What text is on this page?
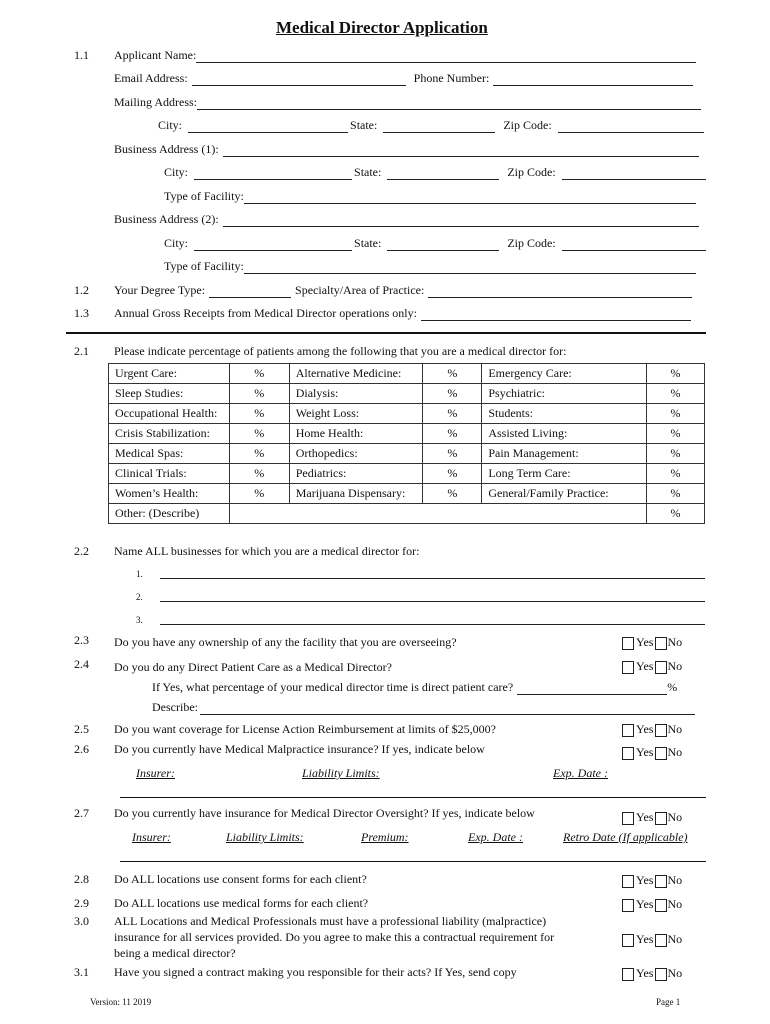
Medical Director Application
1.1 Applicant Name:
Email Address:	Phone Number:
Mailing Address:
City:	State:	Zip Code:
Business Address (1):
City:	State:	Zip Code:
Type of Facility:
Business Address (2):
City:	State:	Zip Code:
Type of Facility:
1.2 Your Degree Type:	Specialty/Area of Practice:
1.3 Annual Gross Receipts from Medical Director operations only:
2.1 Please indicate percentage of patients among the following that you are a medical director for:
Urgent Care:	%	Alternative Medicine:	%	Emergency Care:	%
Sleep Studies:	%	Dialysis:	%	Psychiatric:	%
Occupational Health:	%	Weight Loss:	%	Students:	%
Crisis Stabilization:	%	Home Health:	%	Assisted Living:	%
Medical Spas:	%	Orthopedics:	%	Pain Management:	%
Clinical Trials:	%	Pediatrics:	%	Long Term Care:	%
Women’s Health:	%	Marijuana Dispensary:	%	General/Family Practice:	%
Other: (Describe)					%
2.2 Name ALL businesses for which you are a medical director for:
1.
2.
3.
2.3 Do you have any ownership of any the facility that you are overseeing?	Yes No
2.4 Do you do any Direct Patient Care as a Medical Director?	Yes No
If Yes, what percentage of your medical director time is direct patient care?	%
Describe:
2.5 Do you want coverage for License Action Reimbursement at limits of $25,000?	Yes No
2.6 Do you currently have Medical Malpractice insurance? If yes, indicate below	Yes No
Insurer:	Liability Limits:	Exp. Date :
2.7 Do you currently have insurance for Medical Director Oversight? If yes, indicate below	Yes No
Insurer:	Liability Limits:	Premium:	Exp. Date :	Retro Date (If applicable)
2.8 Do ALL locations use consent forms for each client?	Yes No
2.9 Do ALL locations use medical forms for each client?	Yes No
3.0 ALL Locations and Medical Professionals must have a professional liability (malpractice)
insurance for all services provided. Do you agree to make this a contractual requirement for
being a medical director?
Yes No
3.1 Have you signed a contract making you responsible for their acts? If Yes, send copy	Yes No
Version: 11 2019	Page 1
